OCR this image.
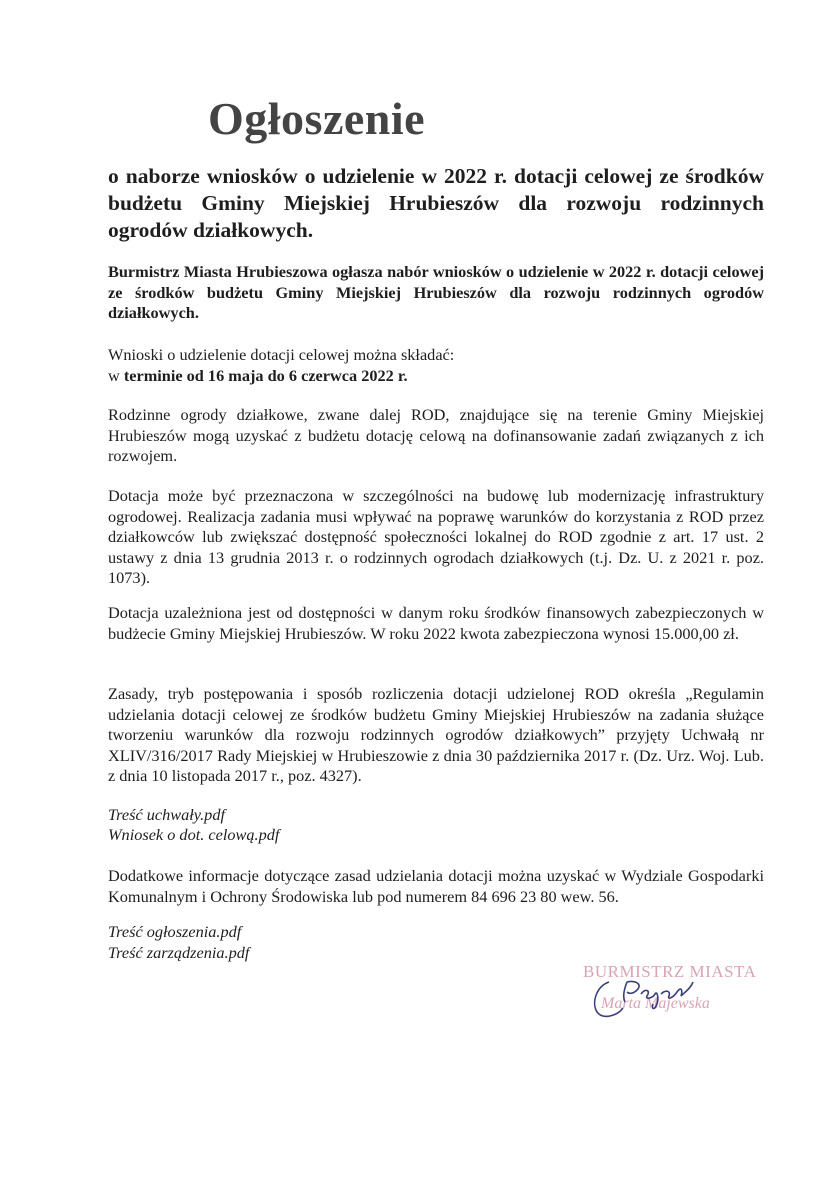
Ogłoszenie

o naborze wniosków o udzielenie w 2022 r. dotacji celowej ze środków budżetu Gminy Miejskiej Hrubieszów dla rozwoju rodzinnych ogrodów działkowych.

Burmistrz Miasta Hrubieszowa ogłasza nabór wniosków o udzielenie w 2022 r. dotacji celowej ze środków budżetu Gminy Miejskiej Hrubieszów dla rozwoju rodzinnych ogrodów działkowych.

Wnioski o udzielenie dotacji celowej można składać:
w terminie od 16 maja do 6 czerwca 2022 r.

Rodzinne ogrody działkowe, zwane dalej ROD, znajdujące się na terenie Gminy Miejskiej Hrubieszów mogą uzyskać z budżetu dotację celową na dofinansowanie zadań związanych z ich rozwojem.

Dotacja może być przeznaczona w szczególności na budowę lub modernizację infrastruktury ogrodowej. Realizacja zadania musi wpływać na poprawę warunków do korzystania z ROD przez działkowców lub zwiększać dostępność społeczności lokalnej do ROD zgodnie z art. 17 ust. 2 ustawy z dnia 13 grudnia 2013 r. o rodzinnych ogrodach działkowych (t.j. Dz. U. z 2021 r. poz. 1073).

Dotacja uzależniona jest od dostępności w danym roku środków finansowych zabezpieczonych w budżecie Gminy Miejskiej Hrubieszów. W roku 2022 kwota zabezpieczona wynosi 15.000,00 zł.

Zasady, tryb postępowania i sposób rozliczenia dotacji udzielonej ROD określa „Regulamin udzielania dotacji celowej ze środków budżetu Gminy Miejskiej Hrubieszów na zadania służące tworzeniu warunków dla rozwoju rodzinnych ogrodów działkowych” przyjęty Uchwałą nr XLIV/316/2017 Rady Miejskiej w Hrubieszowie z dnia 30 października 2017 r. (Dz. Urz. Woj. Lub. z dnia 10 listopada 2017 r., poz. 4327).

Treść uchwały.pdf

Wniosek o dot. celową.pdf

Dodatkowe informacje dotyczące zasad udzielania dotacji można uzyskać w Wydziale Gospodarki Komunalnym i Ochrony Środowiska lub pod numerem 84 696 23 80 wew. 56.

Treść ogłoszenia.pdf

Treść zarządzenia.pdf

BURMISTRZ MIASTA
Marta Majewska
